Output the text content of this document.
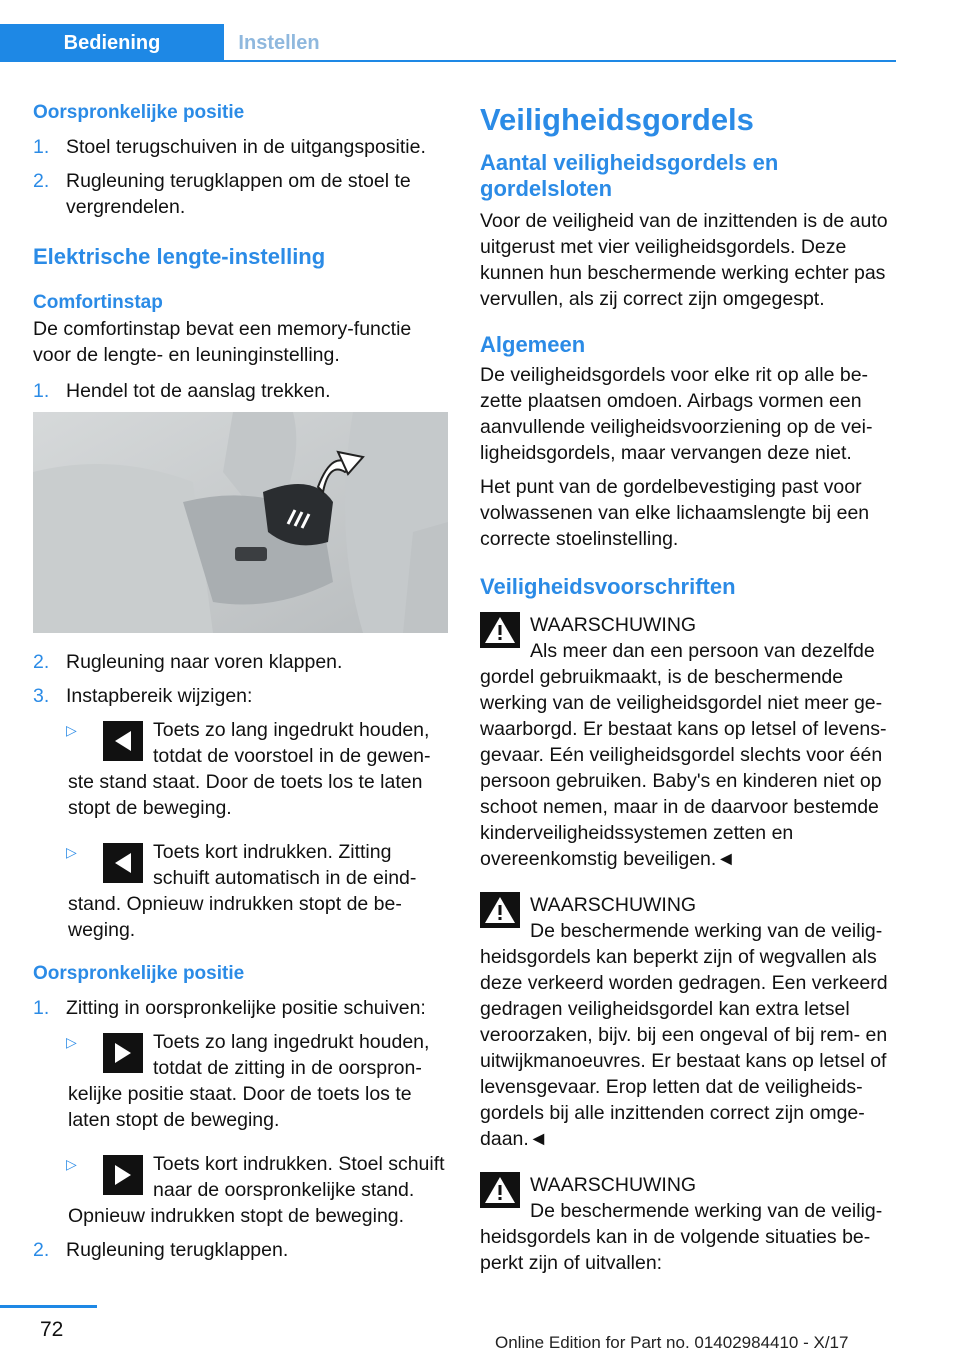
Bediening	Instellen
Oorspronkelijke positie
1. Stoel terugschuiven in de uitgangspositie.
2. Rugleuning terugklappen om de stoel te vergrendelen.
Elektrische lengte-instelling
Comfortinstap

De comfortinstap bevat een memory-functie voor de lengte- en leuninginstelling.

1. Hendel tot de aanslag trekken.
2. Rugleuning naar voren klappen.
3. Instapbereik wijzigen:
▷	Toets zo lang ingedrukt houden, totdat de voorstoel in de gewenste stand staat. Door de toets los te laten stopt de beweging.
▷	Toets kort indrukken. Zitting schuift automatisch in de eindstand. Opnieuw indrukken stopt de beweging.
Oorspronkelijke positie
1. Zitting in oorspronkelijke positie schuiven:
▷	Toets zo lang ingedrukt houden, totdat de zitting in de oorspronkelijke positie staat. Door de toets los te laten stopt de beweging.
▷	Toets kort indrukken. Stoel schuift naar de oorspronkelijke stand. Opnieuw indrukken stopt de beweging.
2. Rugleuning terugklappen.
Veiligheidsgordels
Aantal veiligheidsgordels en gordelsloten

Voor de veiligheid van de inzittenden is de auto uitgerust met vier veiligheidsgordels. Deze kunnen hun beschermende werking echter pas vervullen, als zij correct zijn omgegespt.

Algemeen

De veiligheidsgordels voor elke rit op alle bezette plaatsen omdoen. Airbags vormen een aanvullende veiligheidsvoorziening op de veiligheidsgordels, maar vervangen deze niet.

Het punt van de gordelbevestiging past voor volwassenen van elke lichaamslengte bij een correcte stoelinstelling.

Veiligheidsvoorschriften

WAARSCHUWING

Als meer dan een persoon van dezelfde gordel gebruikmaakt, is de beschermende werking van de veiligheidsgordel niet meer gewaarborgd. Er bestaat kans op letsel of levensgevaar. Eén veiligheidsgordel slechts voor één persoon gebruiken. Baby's en kinderen niet op schoot nemen, maar in de daarvoor bestemde kinderveiligheidssystemen zetten en overeenkomstig beveiligen.◄

WAARSCHUWING

De beschermende werking van de veiligheidsgordels kan beperkt zijn of wegvallen als deze verkeerd worden gedragen. Een verkeerd gedragen veiligheidsgordel kan extra letsel veroorzaken, bijv. bij een ongeval of bij rem- en uitwijkmanoeuvres. Er bestaat kans op letsel of levensgevaar. Erop letten dat de veiligheidsgordels bij alle inzittenden correct zijn omgedaan.◄

WAARSCHUWING

De beschermende werking van de veiligheidsgordels kan in de volgende situaties beperkt zijn of uitvallen:

72
Online Edition for Part no. 01402984410 - X/17
